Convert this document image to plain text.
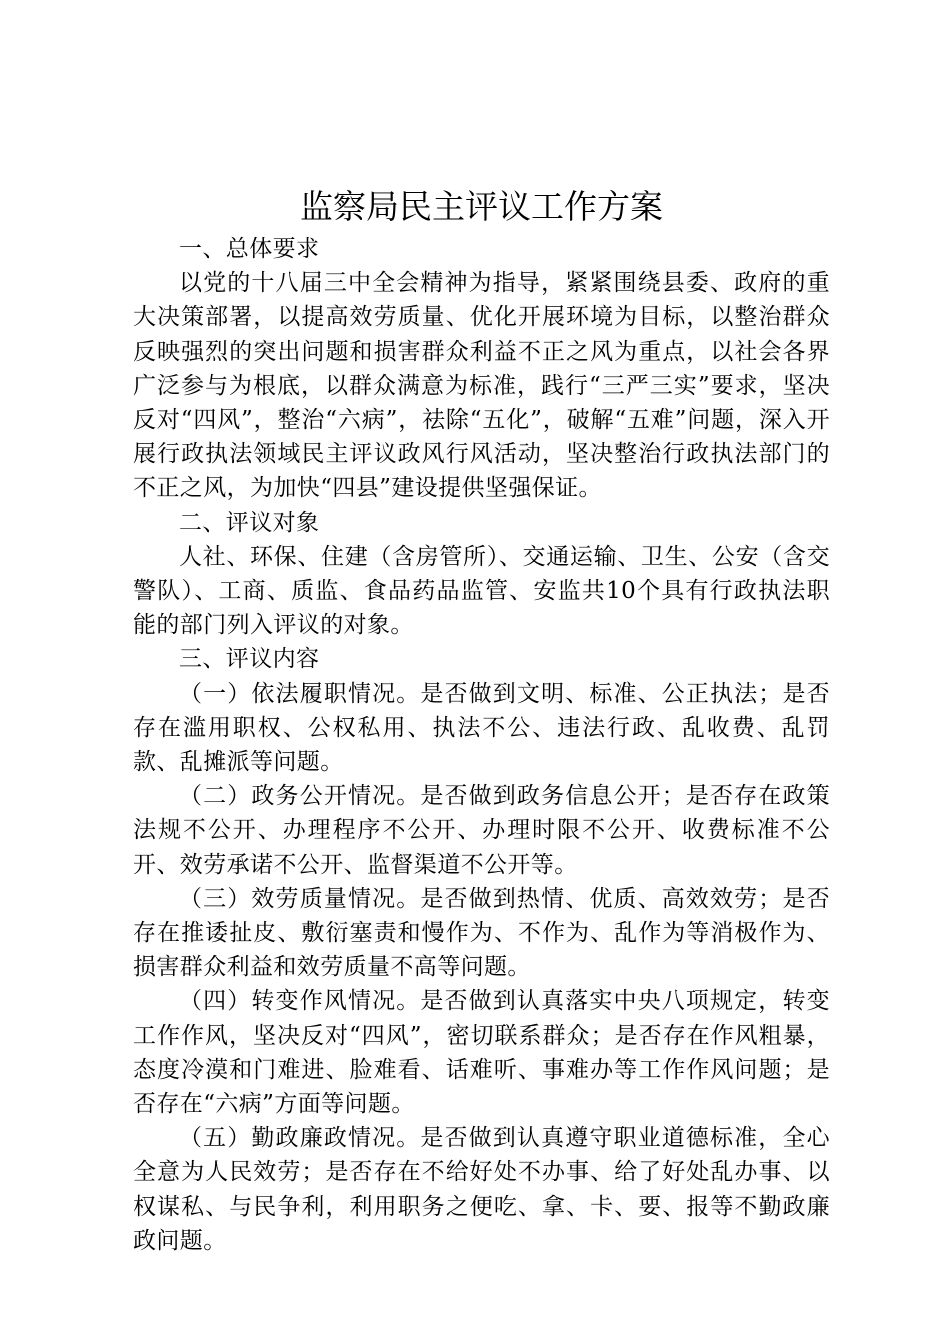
监察局民主评议工作方案
一、总体要求

以党的十八届三中全会精神为指导，紧紧围绕县委、政府的重大决策部署，以提高效劳质量、优化开展环境为目标，以整治群众反映强烈的突出问题和损害群众利益不正之风为重点，以社会各界广泛参与为根底，以群众满意为标准，践行“三严三实”要求，坚决反对“四风”，整治“六病”，祛除“五化”，破解“五难”问题，深入开展行政执法领域民主评议政风行风活动，坚决整治行政执法部门的不正之风，为加快“四县”建设提供坚强保证。

二、评议对象

人社、环保、住建（含房管所）、交通运输、卫生、公安（含交警队）、工商、质监、食品药品监管、安监共10个具有行政执法职能的部门列入评议的对象。

三、评议内容

（一）依法履职情况。是否做到文明、标准、公正执法；是否存在滥用职权、公权私用、执法不公、违法行政、乱收费、乱罚款、乱摊派等问题。

（二）政务公开情况。是否做到政务信息公开；是否存在政策法规不公开、办理程序不公开、办理时限不公开、收费标准不公开、效劳承诺不公开、监督渠道不公开等。

（三）效劳质量情况。是否做到热情、优质、高效效劳；是否存在推诿扯皮、敷衍塞责和慢作为、不作为、乱作为等消极作为、损害群众利益和效劳质量不高等问题。

（四）转变作风情况。是否做到认真落实中央八项规定，转变工作作风，坚决反对“四风”，密切联系群众；是否存在作风粗暴，态度冷漠和门难进、脸难看、话难听、事难办等工作作风问题；是否存在“六病”方面等问题。

（五）勤政廉政情况。是否做到认真遵守职业道德标准，全心全意为人民效劳；是否存在不给好处不办事、给了好处乱办事、以权谋私、与民争利，利用职务之便吃、拿、卡、要、报等不勤政廉政问题。
